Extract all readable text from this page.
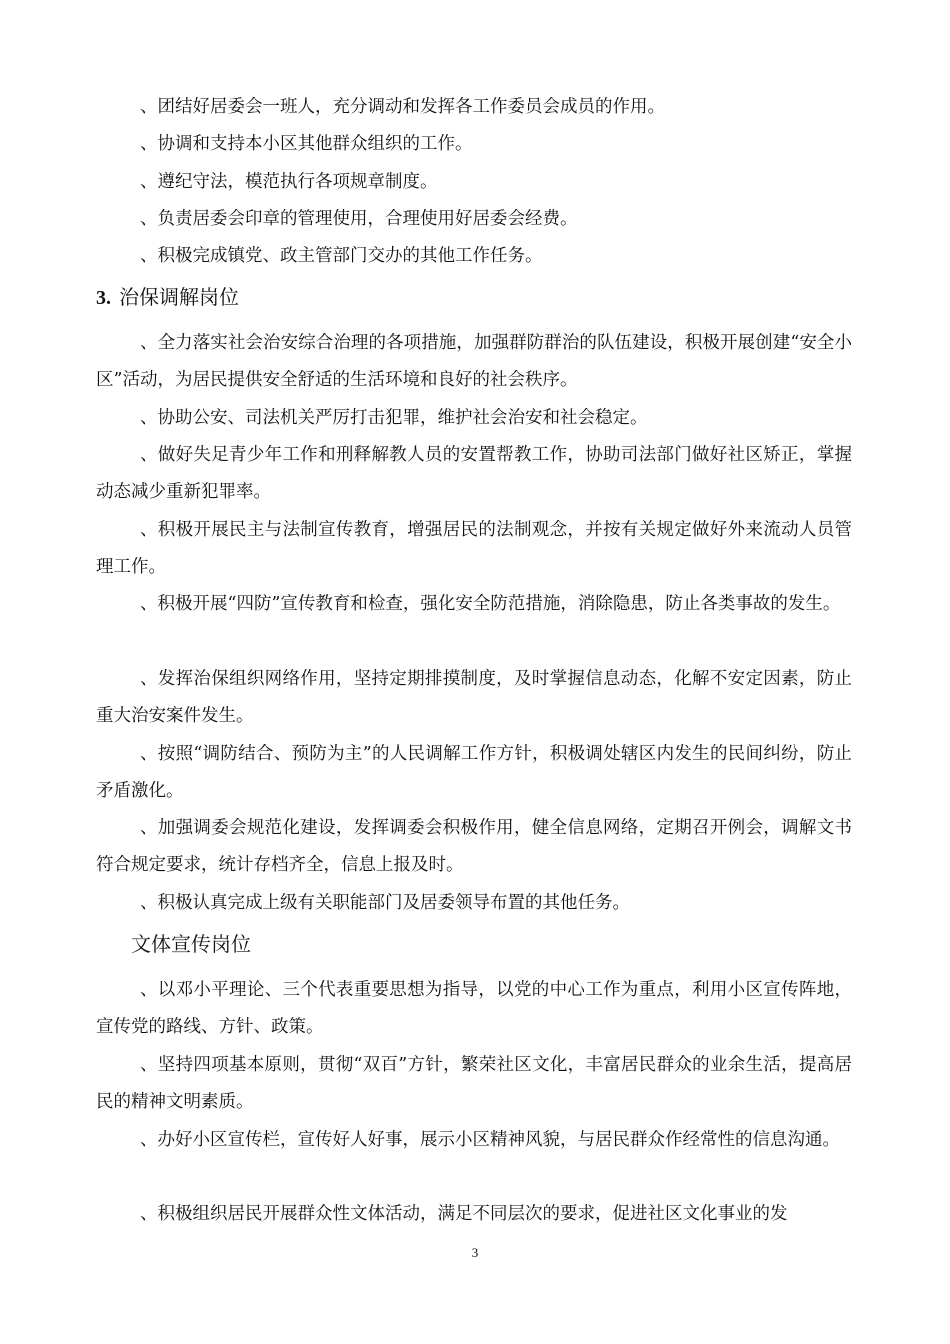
、团结好居委会一班人，充分调动和发挥各工作委员会成员的作用。

、协调和支持本小区其他群众组织的工作。

、遵纪守法，模范执行各项规章制度。

、负责居委会印章的管理使用，合理使用好居委会经费。

、积极完成镇党、政主管部门交办的其他工作任务。

3. 治保调解岗位

、全力落实社会治安综合治理的各项措施，加强群防群治的队伍建设，积极开展创建“安全小区”活动，为居民提供安全舒适的生活环境和良好的社会秩序。

、协助公安、司法机关严厉打击犯罪，维护社会治安和社会稳定。

、做好失足青少年工作和刑释解教人员的安置帮教工作，协助司法部门做好社区矫正，掌握动态减少重新犯罪率。

、积极开展民主与法制宣传教育，增强居民的法制观念，并按有关规定做好外来流动人员管理工作。

、积极开展“四防”宣传教育和检查，强化安全防范措施，消除隐患，防止各类事故的发生。

、发挥治保组织网络作用，坚持定期排摸制度，及时掌握信息动态，化解不安定因素，防止重大治安案件发生。

、按照“调防结合、预防为主”的人民调解工作方针，积极调处辖区内发生的民间纠纷，防止矛盾激化。

、加强调委会规范化建设，发挥调委会积极作用，健全信息网络，定期召开例会，调解文书符合规定要求，统计存档齐全，信息上报及时。

、积极认真完成上级有关职能部门及居委领导布置的其他任务。

文体宣传岗位

、以邓小平理论、三个代表重要思想为指导，以党的中心工作为重点，利用小区宣传阵地，宣传党的路线、方针、政策。

、坚持四项基本原则，贯彻“双百”方针，繁荣社区文化，丰富居民群众的业余生活，提高居民的精神文明素质。

、办好小区宣传栏，宣传好人好事，展示小区精神风貌，与居民群众作经常性的信息沟通。

、积极组织居民开展群众性文体活动，满足不同层次的要求，促进社区文化事业的发

3
